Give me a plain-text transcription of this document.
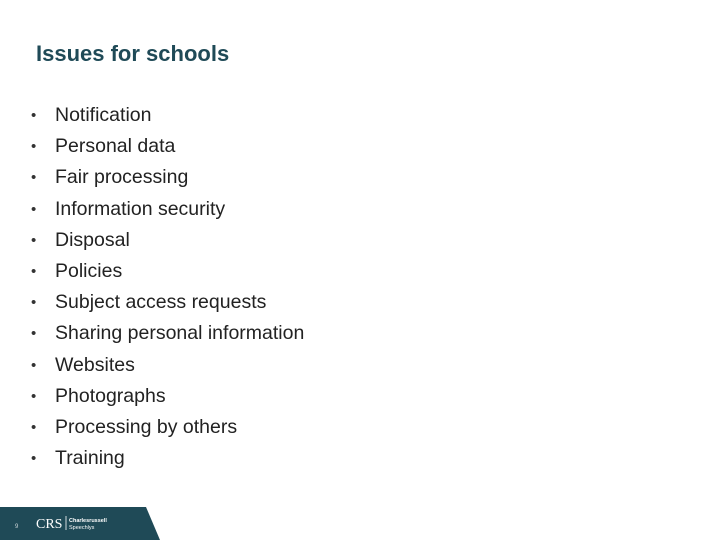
Issues for schools
• Notification
• Personal data
• Fair processing
• Information security
• Disposal
• Policies
• Subject access requests
• Sharing personal information
• Websites
• Photographs
• Processing by others
• Training
9 CRS Charlesrussell
Speechlys
